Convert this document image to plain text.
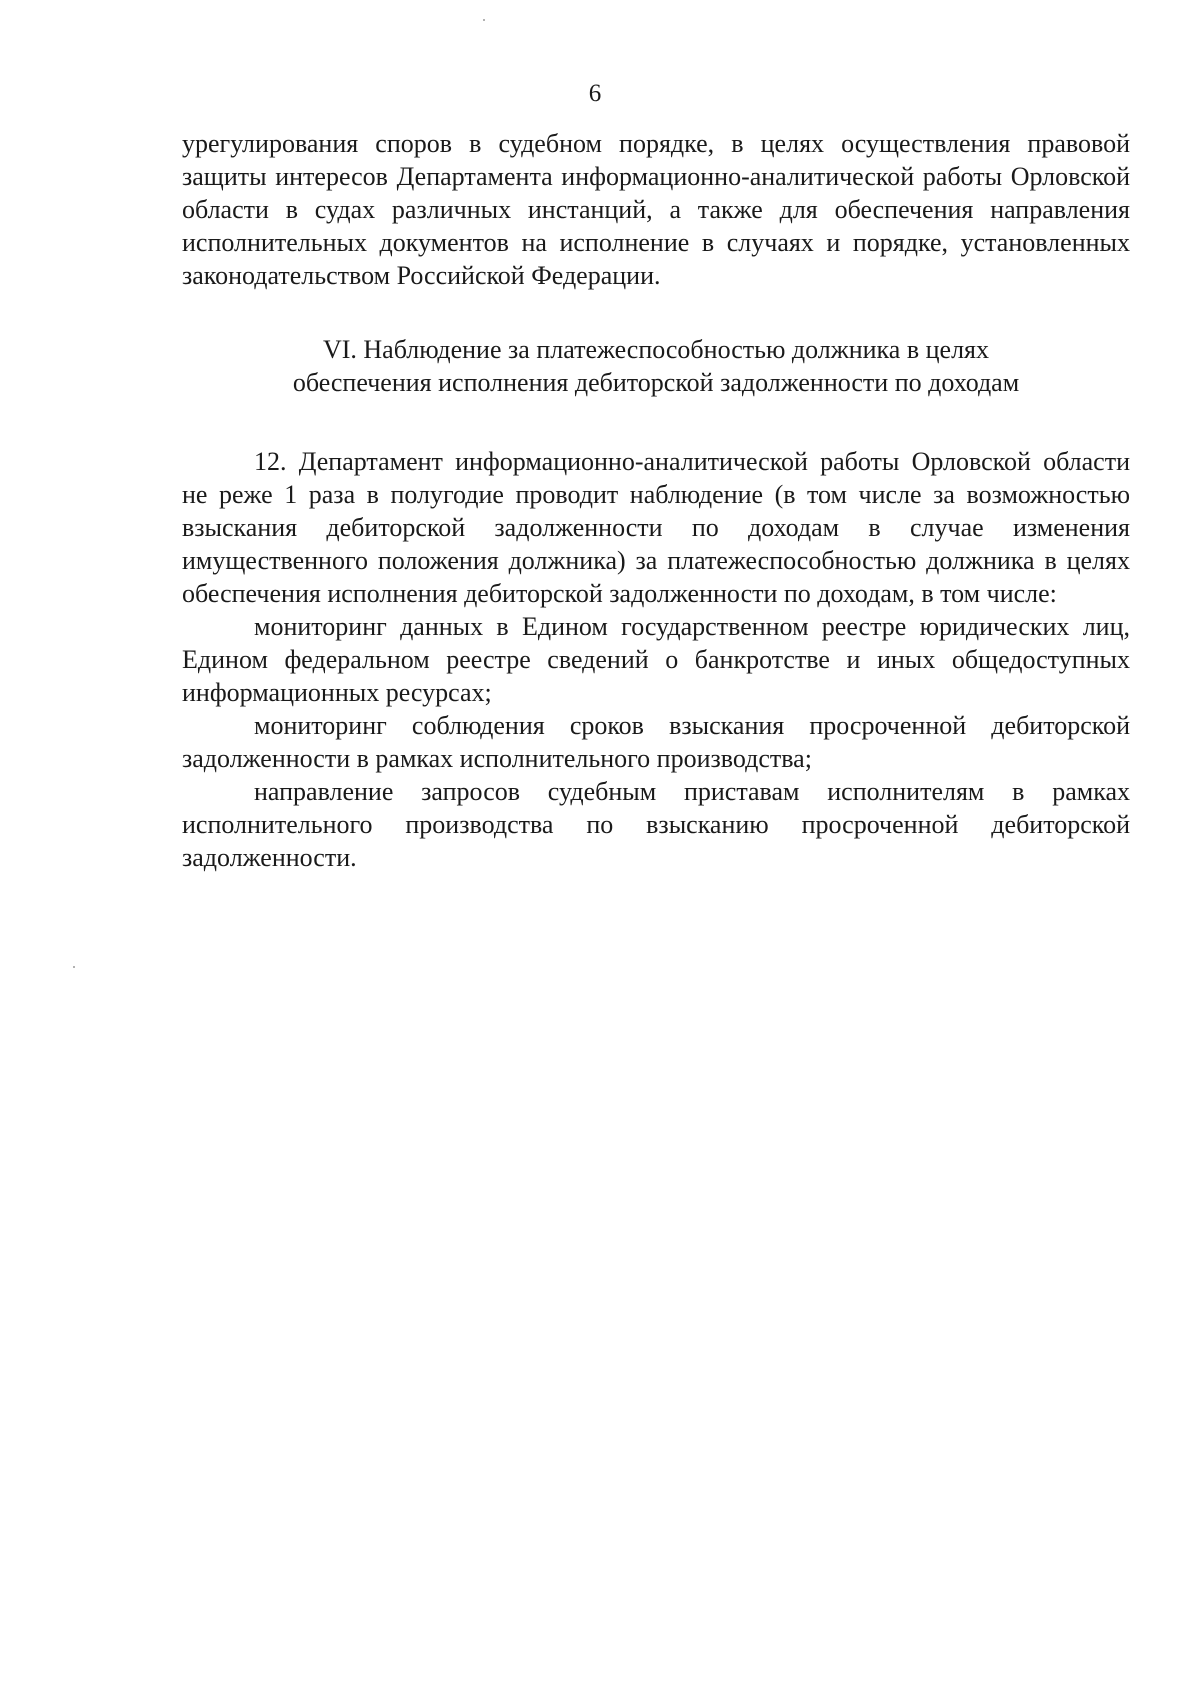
6

урегулирования споров в судебном порядке, в целях осуществления правовой защиты интересов Департамента информационно-аналитической работы Орловской области в судах различных инстанций, а также для обеспечения направления исполнительных документов на исполнение в случаях и порядке, установленных законодательством Российской Федерации.

VI. Наблюдение за платежеспособностью должника в целях
обеспечения исполнения дебиторской задолженности по доходам

12. Департамент информационно-аналитической работы Орловской области не реже 1 раза в полугодие проводит наблюдение (в том числе за возможностью взыскания дебиторской задолженности по доходам в случае изменения имущественного положения должника) за платежеспособностью должника в целях обеспечения исполнения дебиторской задолженности по доходам, в том числе:

мониторинг данных в Едином государственном реестре юридических лиц, Едином федеральном реестре сведений о банкротстве и иных общедоступных информационных ресурсах;

мониторинг соблюдения сроков взыскания просроченной дебиторской задолженности в рамках исполнительного производства;

направление запросов судебным приставам исполнителям в рамках исполнительного производства по взысканию просроченной дебиторской задолженности.
